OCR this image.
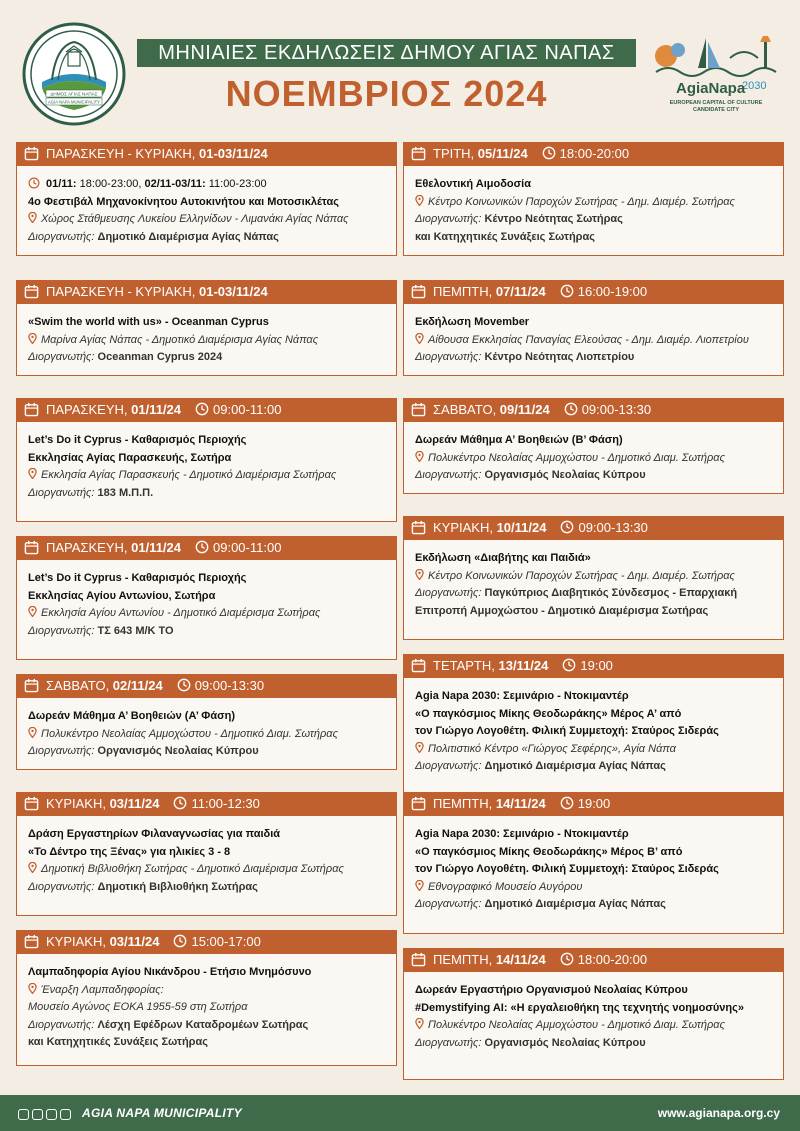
ΔΗΜΟΣ ΑΓΙΑΣ ΝΑΠΑΣ
AGIA NAPA MUNICIPALITY
ΜΗΝΙΑΙΕΣ ΕΚΔΗΛΩΣΕΙΣ ΔΗΜΟΥ ΑΓΙΑΣ ΝΑΠΑΣ
ΝΟΕΜΒΡΙΟΣ 2024	2030
AgiaNapa
EUROPEAN CAPITAL OF CULTURE
CANDIDATE CITY
ΠΑΡΑΣΚΕΥΗ - ΚΥΡΙΑΚΗ, 01-03/11/24
01/11: 18:00-23:00, 02/11-03/11: 11:00-23:00
4ο Φεστιβάλ Μηχανοκίνητου Αυτοκινήτου και Μοτοσικλέτας
Χώρος Στάθμευσης Λυκείου Ελληνίδων - Λιμανάκι Αγίας Νάπας
Διοργανωτής: Δημοτικό Διαμέρισμα Αγίας Νάπας
ΠΑΡΑΣΚΕΥΗ - ΚΥΡΙΑΚΗ, 01-03/11/24
«Swim the world with us» - Oceanman Cyprus
Μαρίνα Αγίας Νάπας - Δημοτικό Διαμέρισμα Αγίας Νάπας
Διοργανωτής: Oceanman Cyprus 2024
ΠΑΡΑΣΚΕΥΗ, 01/11/24 09:00-11:00
Let’s Do it Cyprus - Καθαρισμός Περιοχής
Εκκλησίας Αγίας Παρασκευής, Σωτήρα
Εκκλησία Αγίας Παρασκευής - Δημοτικό Διαμέρισμα Σωτήρας
Διοργανωτής: 183 Μ.Π.Π.
ΠΑΡΑΣΚΕΥΗ, 01/11/24 09:00-11:00
Let’s Do it Cyprus - Καθαρισμός Περιοχής
Εκκλησίας Αγίου Αντωνίου, Σωτήρα
Εκκλησία Αγίου Αντωνίου - Δημοτικό Διαμέρισμα Σωτήρας
Διοργανωτής: ΤΣ 643 Μ/Κ ΤΟ
ΣΑΒΒΑΤΟ, 02/11/24 09:00-13:30
Δωρεάν Μάθημα Α’ Βοηθειών (Α’ Φάση)
Πολυκέντρο Νεολαίας Αμμοχώστου - Δημοτικό Διαμ. Σωτήρας
Διοργανωτής: Οργανισμός Νεολαίας Κύπρου
ΚΥΡΙΑΚΗ, 03/11/24 11:00-12:30
Δράση Εργαστηρίων Φιλαναγνωσίας για παιδιά
«Το Δέντρο της Ξένας» για ηλικίες 3 - 8
Δημοτική Βιβλιοθήκη Σωτήρας - Δημοτικό Διαμέρισμα Σωτήρας
Διοργανωτής: Δημοτική Βιβλιοθήκη Σωτήρας
ΚΥΡΙΑΚΗ, 03/11/24 15:00-17:00
Λαμπαδηφορία Αγίου Νικάνδρου - Ετήσιο Μνημόσυνο
Έναρξη Λαμπαδηφορίας:
Μουσείο Αγώνος ΕΟΚΑ 1955-59 στη Σωτήρα
Διοργανωτής: Λέσχη Εφέδρων Καταδρομέων Σωτήρας
και Κατηχητικές Συνάξεις Σωτήρας
ΤΡΙΤΗ, 05/11/24 18:00-20:00
Εθελοντική Αιμοδοσία
Κέντρο Κοινωνικών Παροχών Σωτήρας - Δημ. Διαμέρ. Σωτήρας
Διοργανωτής: Κέντρο Νεότητας Σωτήρας
και Κατηχητικές Συνάξεις Σωτήρας
ΠΕΜΠΤΗ, 07/11/24 16:00-19:00
Εκδήλωση Movember
Αίθουσα Εκκλησίας Παναγίας Ελεούσας - Δημ. Διαμέρ. Λιοπετρίου
Διοργανωτής: Κέντρο Νεότητας Λιοπετρίου
ΣΑΒΒΑΤΟ, 09/11/24 09:00-13:30
Δωρεάν Μάθημα Α’ Βοηθειών (Β’ Φάση)
Πολυκέντρο Νεολαίας Αμμοχώστου - Δημοτικό Διαμ. Σωτήρας
Διοργανωτής: Οργανισμός Νεολαίας Κύπρου
ΚΥΡΙΑΚΗ, 10/11/24 09:00-13:30
Εκδήλωση «Διαβήτης και Παιδιά»
Κέντρο Κοινωνικών Παροχών Σωτήρας - Δημ. Διαμέρ. Σωτήρας
Διοργανωτής: Παγκύπριος Διαβητικός Σύνδεσμος - Επαρχιακή
Επιτροπή Αμμοχώστου - Δημοτικό Διαμέρισμα Σωτήρας
ΤΕΤΑΡΤΗ, 13/11/24 19:00
Agia Napa 2030: Σεμινάριο - Ντοκιμαντέρ
«Ο παγκόσμιος Μίκης Θεοδωράκης» Μέρος Α’ από
τον Γιώργο Λογοθέτη. Φιλική Συμμετοχή: Σταύρος Σιδεράς
Πολιτιστικό Κέντρο «Γιώργος Σεφέρης», Αγία Νάπα
Διοργανωτής: Δημοτικό Διαμέρισμα Αγίας Νάπας
ΠΕΜΠΤΗ, 14/11/24 19:00
Agia Napa 2030: Σεμινάριο - Ντοκιμαντέρ
«Ο παγκόσμιος Μίκης Θεοδωράκης» Μέρος Β’ από
τον Γιώργο Λογοθέτη. Φιλική Συμμετοχή: Σταύρος Σιδεράς
Εθνογραφικό Μουσείο Αυγόρου
Διοργανωτής: Δημοτικό Διαμέρισμα Αγίας Νάπας
ΠΕΜΠΤΗ, 14/11/24 18:00-20:00
Δωρεάν Εργαστήριο Οργανισμού Νεολαίας Κύπρου
#Demystifying AI: «Η εργαλειοθήκη της τεχνητής νοημοσύνης»
Πολυκέντρο Νεολαίας Αμμοχώστου - Δημοτικό Διαμ. Σωτήρας
Διοργανωτής: Οργανισμός Νεολαίας Κύπρου
AGIA NAPA MUNICIPALITY	www.agianapa.org.cy
